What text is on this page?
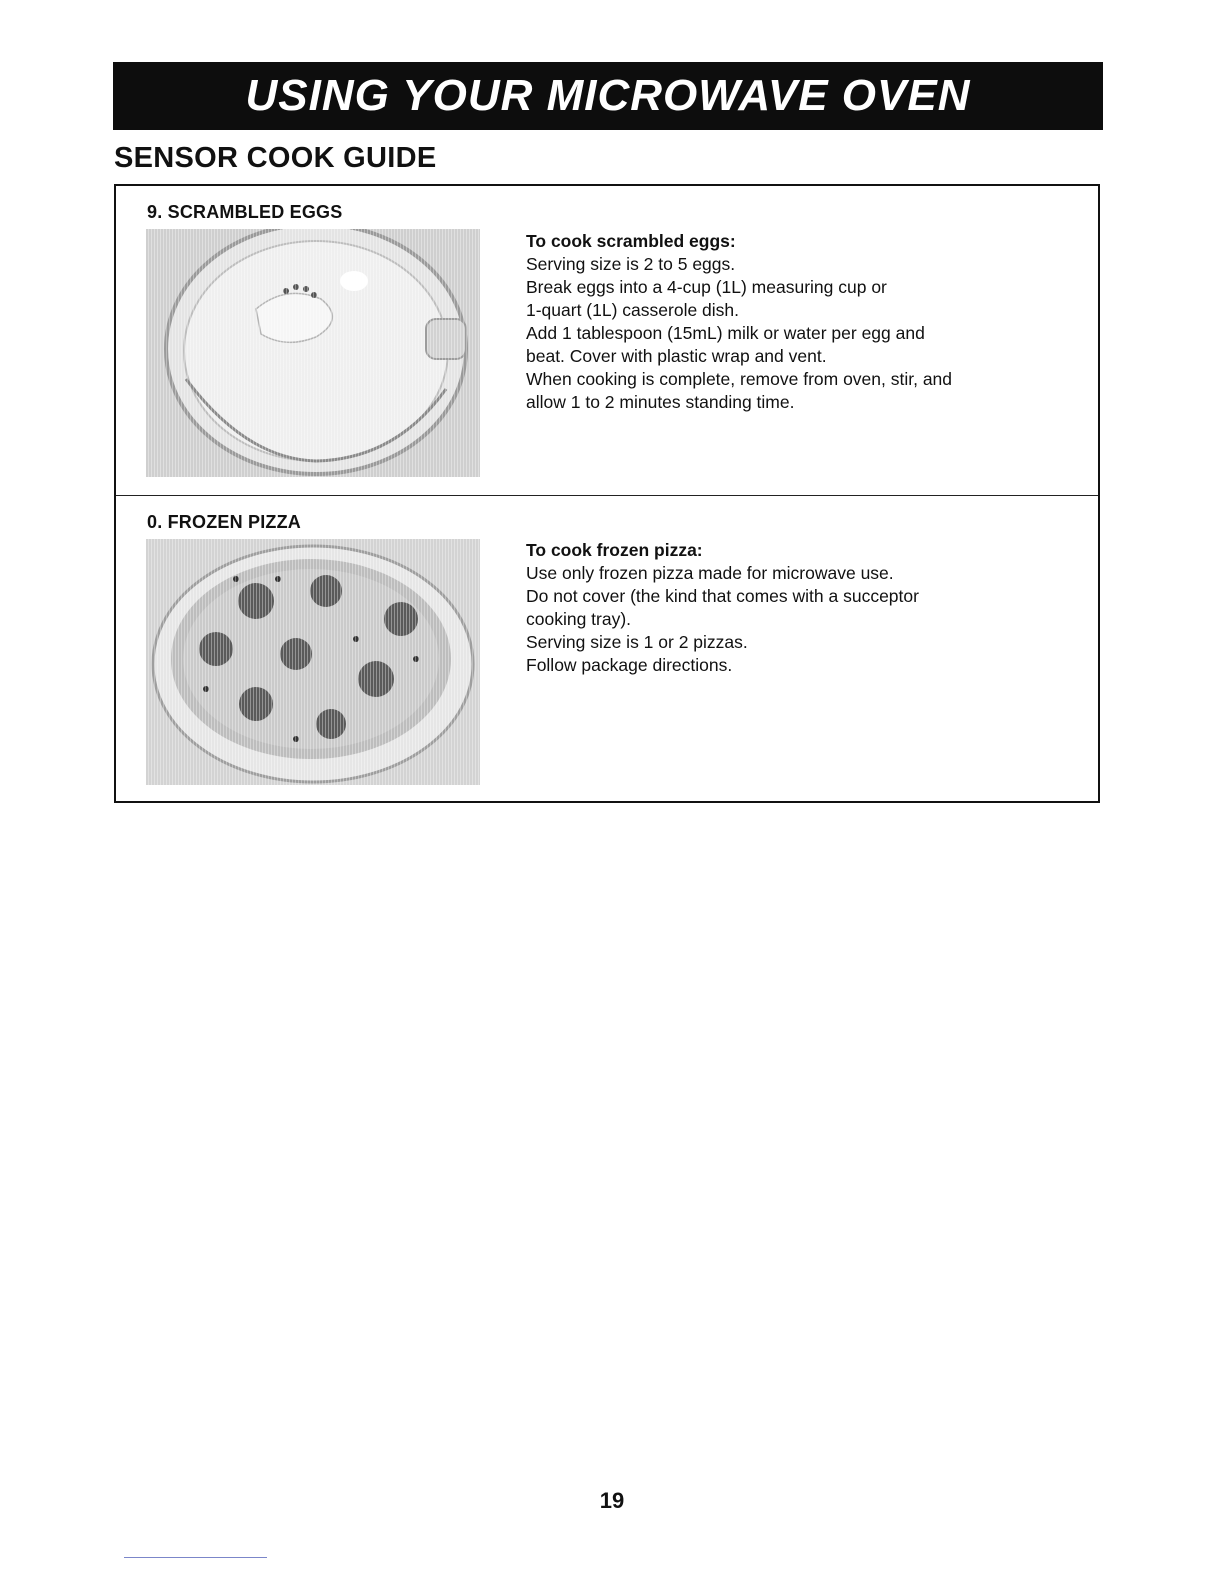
USING YOUR MICROWAVE OVEN
SENSOR COOK GUIDE
9. SCRAMBLED EGGS
To cook scrambled eggs:
Serving size is 2 to 5 eggs.
Break eggs into a 4-cup (1L) measuring cup or
1-quart (1L) casserole dish.
Add 1 tablespoon (15mL) milk or water per egg and
beat. Cover with plastic wrap and vent.
When cooking is complete, remove from oven, stir, and
allow 1 to 2 minutes standing time.
0. FROZEN PIZZA
To cook frozen pizza:
Use only frozen pizza made for microwave use.
Do not cover (the kind that comes with a succeptor
cooking tray).
Serving size is 1 or 2 pizzas.
Follow package directions.
19
